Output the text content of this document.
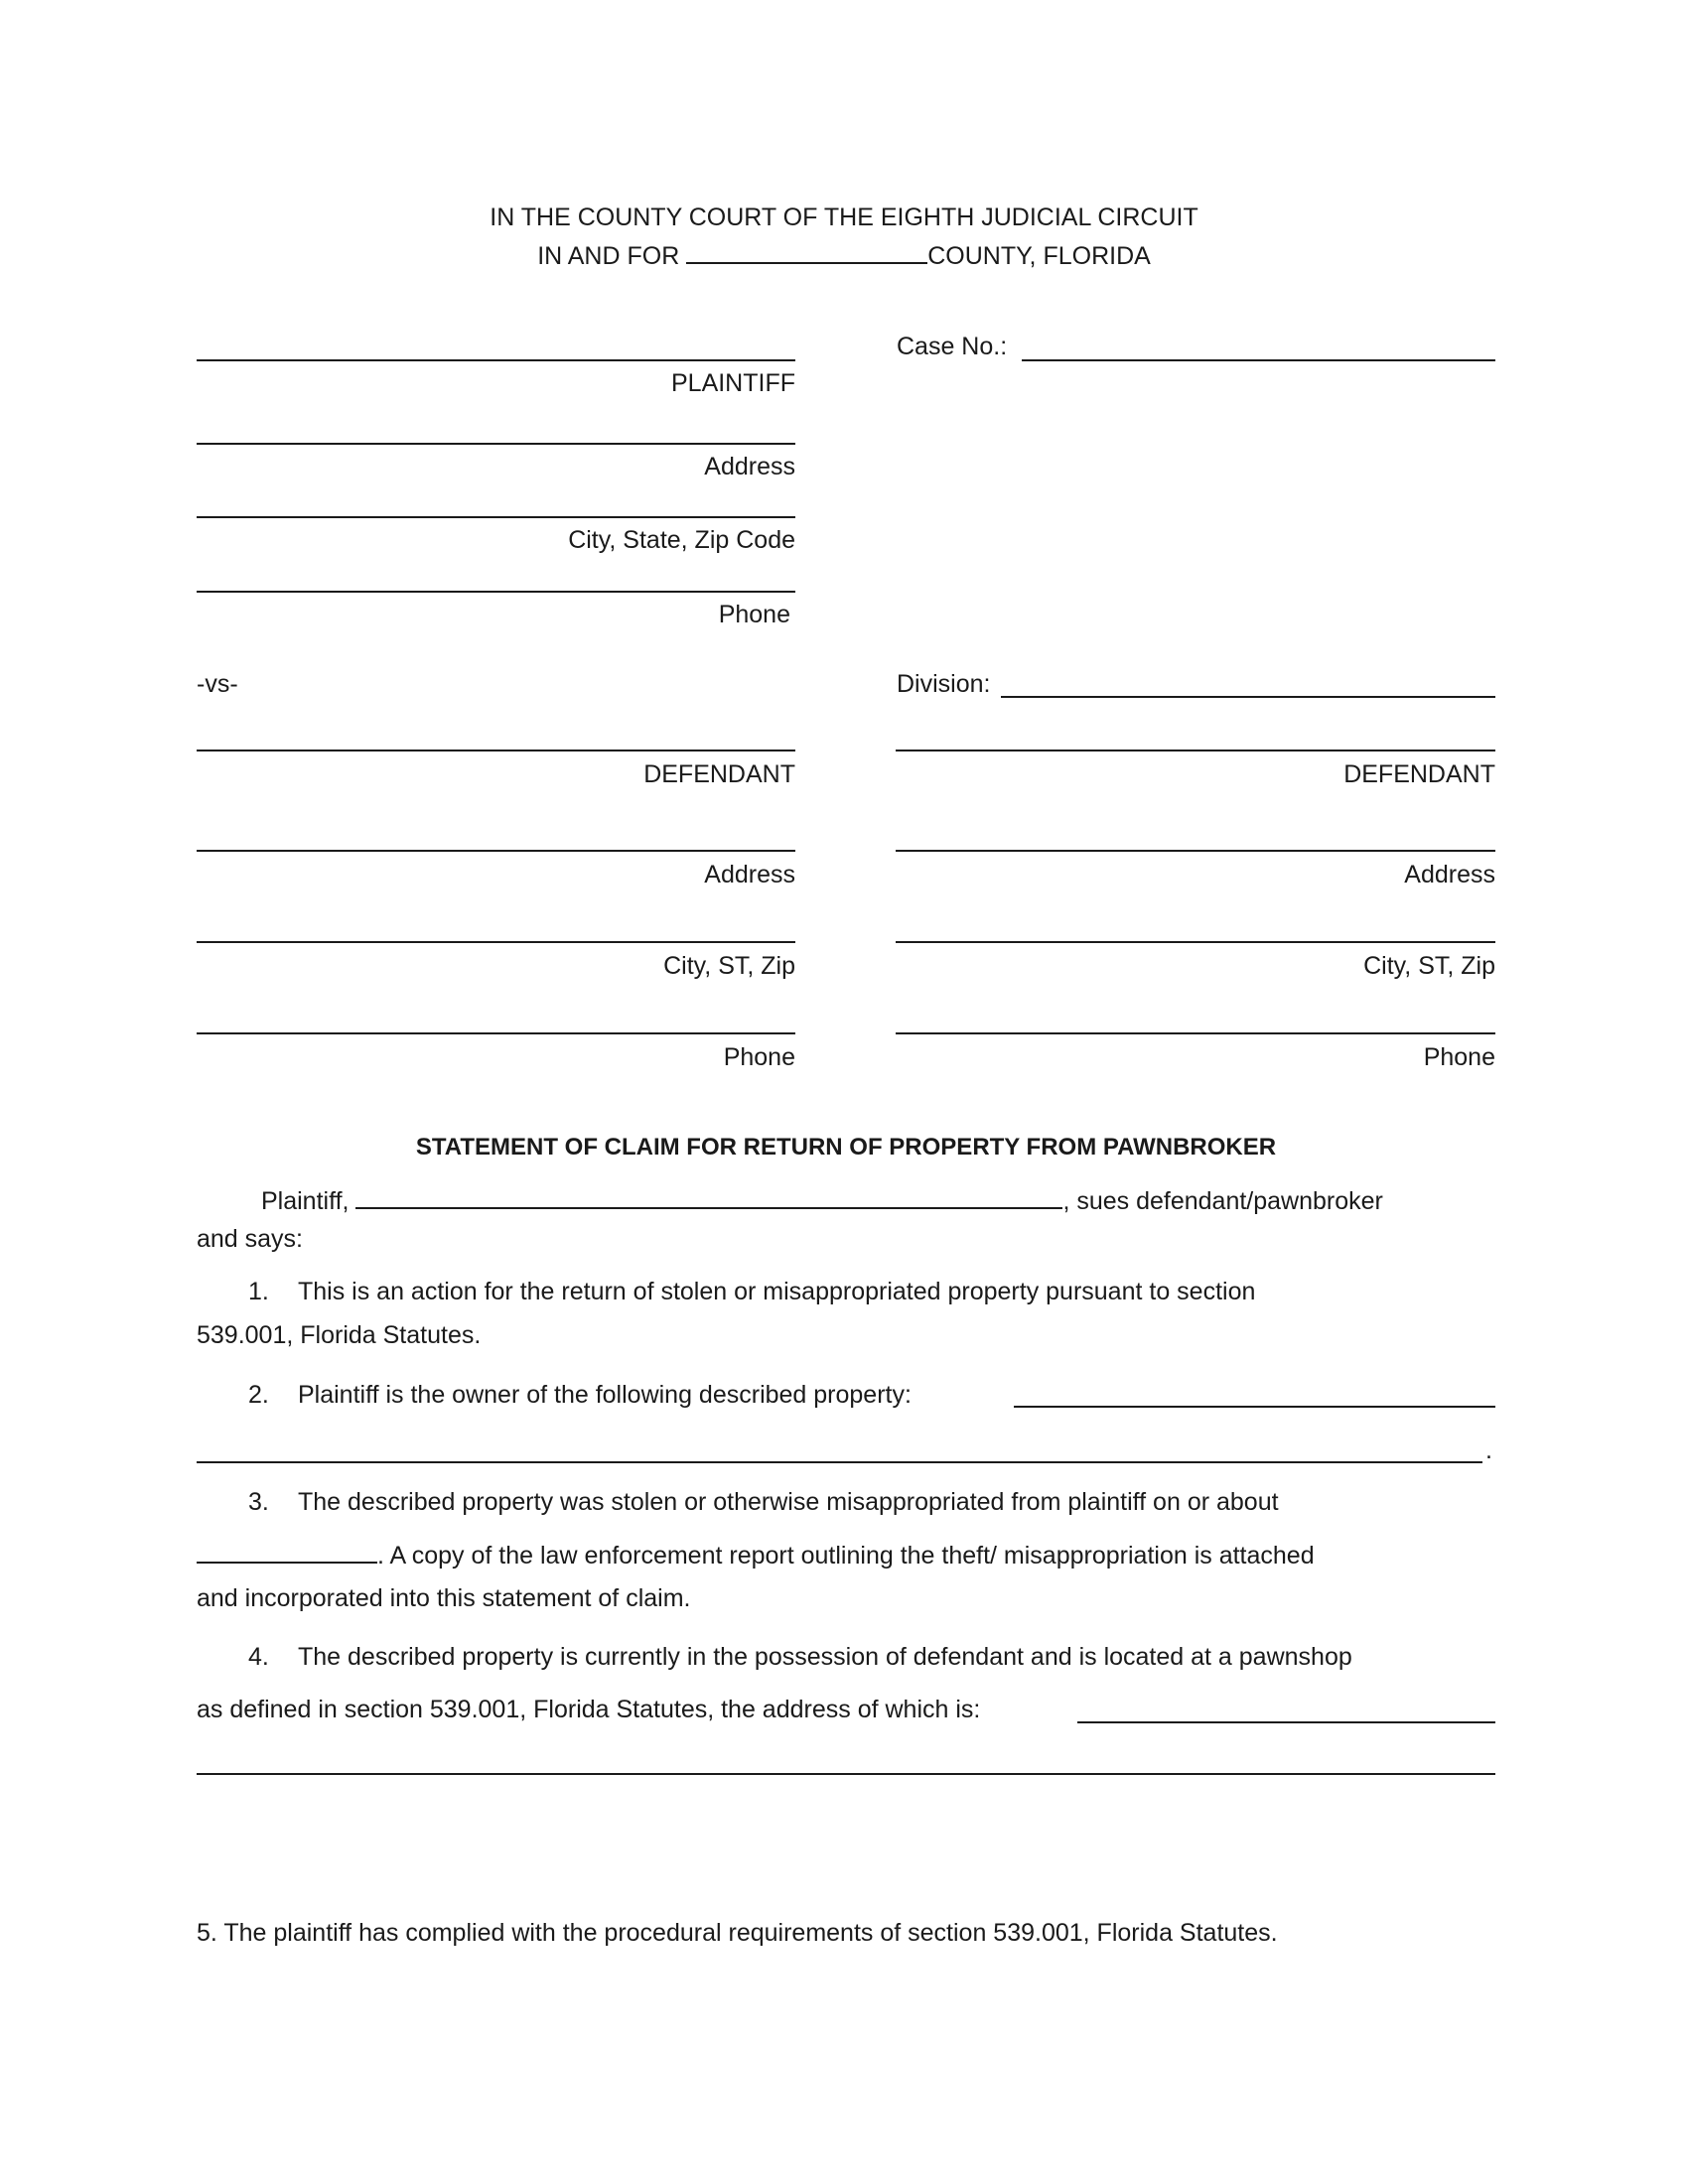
IN THE COUNTY COURT OF THE EIGHTH JUDICIAL CIRCUIT
IN AND FOR	COUNTY, FLORIDA
PLAINTIFF
Address
City, State, Zip Code
Phone
Case No.:
-vs-	Division:
DEFENDANT
Address
City, ST, Zip
Phone
DEFENDANT
Address
City, ST, Zip
Phone
STATEMENT OF CLAIM FOR RETURN OF PROPERTY FROM PAWNBROKER
Plaintiff,	, sues defendant/pawnbroker
and says:
1. This is an action for the return of stolen or misappropriated property pursuant to section
539.001, Florida Statutes.
2. Plaintiff is the owner of the following described property:
.
3. The described property was stolen or otherwise misappropriated from plaintiff on or about
. A copy of the law enforcement report outlining the theft/ misappropriation is attached
and incorporated into this statement of claim.
4. The described property is currently in the possession of defendant and is located at a pawnshop
as defined in section 539.001, Florida Statutes, the address of which is:
5. The plaintiff has complied with the procedural requirements of section 539.001, Florida Statutes.
